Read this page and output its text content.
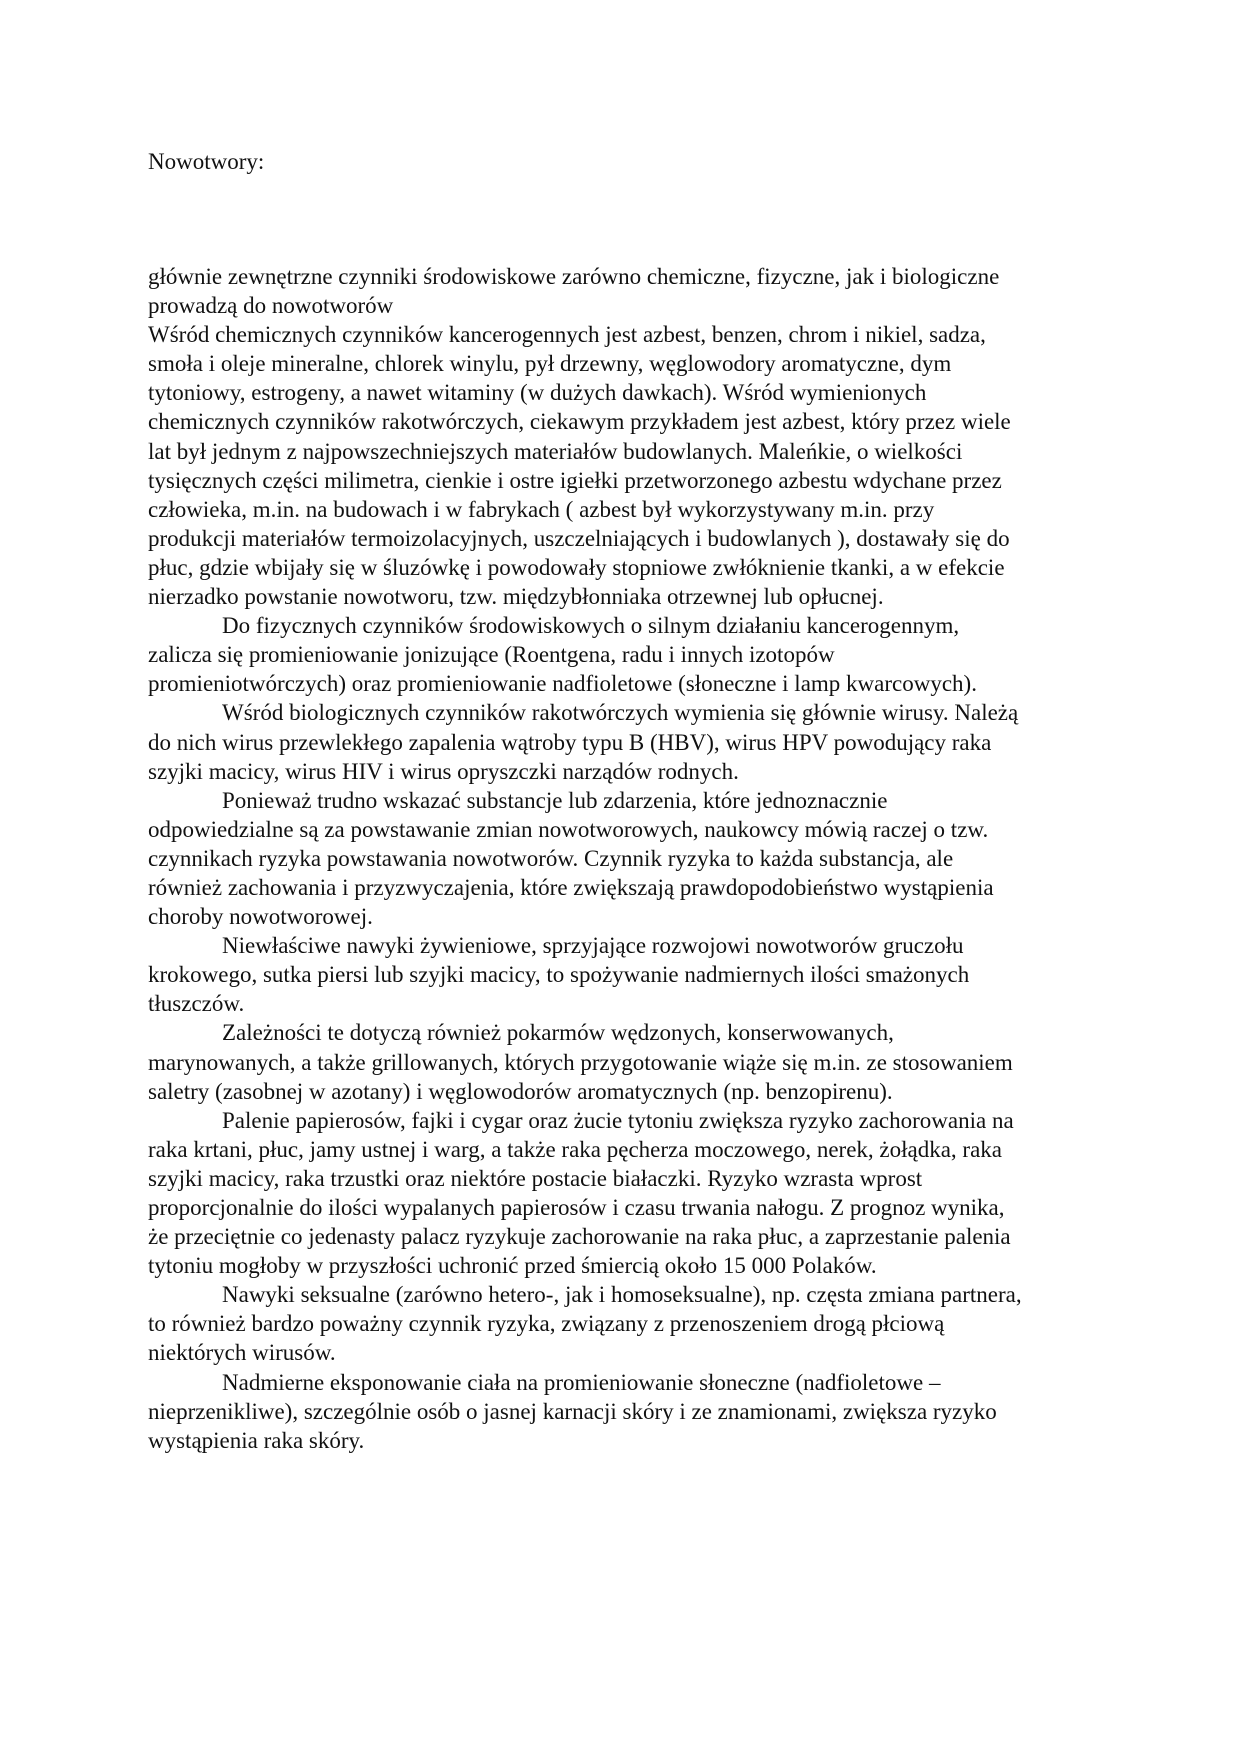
Nowotwory:
głównie zewnętrzne czynniki środowiskowe zarówno chemiczne, fizyczne, jak i biologiczne
prowadzą do nowotworów
Wśród chemicznych czynników kancerogennych jest azbest, benzen, chrom i nikiel, sadza,
smoła i oleje mineralne, chlorek winylu, pył drzewny, węglowodory aromatyczne, dym
tytoniowy, estrogeny, a nawet witaminy (w dużych dawkach). Wśród wymienionych
chemicznych czynników rakotwórczych, ciekawym przykładem jest azbest, który przez wiele
lat był jednym z najpowszechniejszych materiałów budowlanych. Maleńkie, o wielkości
tysięcznych części milimetra, cienkie i ostre igiełki przetworzonego azbestu wdychane przez
człowieka, m.in. na budowach i w fabrykach ( azbest był wykorzystywany m.in. przy
produkcji materiałów termoizolacyjnych, uszczelniających i budowlanych ), dostawały się do
płuc, gdzie wbijały się w śluzówkę i powodowały stopniowe zwłóknienie tkanki, a w efekcie
nierzadko powstanie nowotworu, tzw. międzybłonniaka otrzewnej lub opłucnej.
Do fizycznych czynników środowiskowych o silnym działaniu kancerogennym,
zalicza się promieniowanie jonizujące (Roentgena, radu i innych izotopów
promieniotwórczych) oraz promieniowanie nadfioletowe (słoneczne i lamp kwarcowych).
Wśród biologicznych czynników rakotwórczych wymienia się głównie wirusy. Należą
do nich wirus przewlekłego zapalenia wątroby typu B (HBV), wirus HPV powodujący raka
szyjki macicy, wirus HIV i wirus opryszczki narządów rodnych.
Ponieważ trudno wskazać substancje lub zdarzenia, które jednoznacznie
odpowiedzialne są za powstawanie zmian nowotworowych, naukowcy mówią raczej o tzw.
czynnikach ryzyka powstawania nowotworów. Czynnik ryzyka to każda substancja, ale
również zachowania i przyzwyczajenia, które zwiększają prawdopodobieństwo wystąpienia
choroby nowotworowej.
Niewłaściwe nawyki żywieniowe, sprzyjające rozwojowi nowotworów gruczołu
krokowego, sutka piersi lub szyjki macicy, to spożywanie nadmiernych ilości smażonych
tłuszczów.
Zależności te dotyczą również pokarmów wędzonych, konserwowanych,
marynowanych, a także grillowanych, których przygotowanie wiąże się m.in. ze stosowaniem
saletry (zasobnej w azotany) i węglowodorów aromatycznych (np. benzopirenu).
Palenie papierosów, fajki i cygar oraz żucie tytoniu zwiększa ryzyko zachorowania na
raka krtani, płuc, jamy ustnej i warg, a także raka pęcherza moczowego, nerek, żołądka, raka
szyjki macicy, raka trzustki oraz niektóre postacie białaczki. Ryzyko wzrasta wprost
proporcjonalnie do ilości wypalanych papierosów i czasu trwania nałogu. Z prognoz wynika,
że przeciętnie co jedenasty palacz ryzykuje zachorowanie na raka płuc, a zaprzestanie palenia
tytoniu mogłoby w przyszłości uchronić przed śmiercią około 15 000 Polaków.
Nawyki seksualne (zarówno hetero-, jak i homoseksualne), np. częsta zmiana partnera,
to również bardzo poważny czynnik ryzyka, związany z przenoszeniem drogą płciową
niektórych wirusów.
Nadmierne eksponowanie ciała na promieniowanie słoneczne (nadfioletowe –
nieprzenikliwe), szczególnie osób o jasnej karnacji skóry i ze znamionami, zwiększa ryzyko
wystąpienia raka skóry.
